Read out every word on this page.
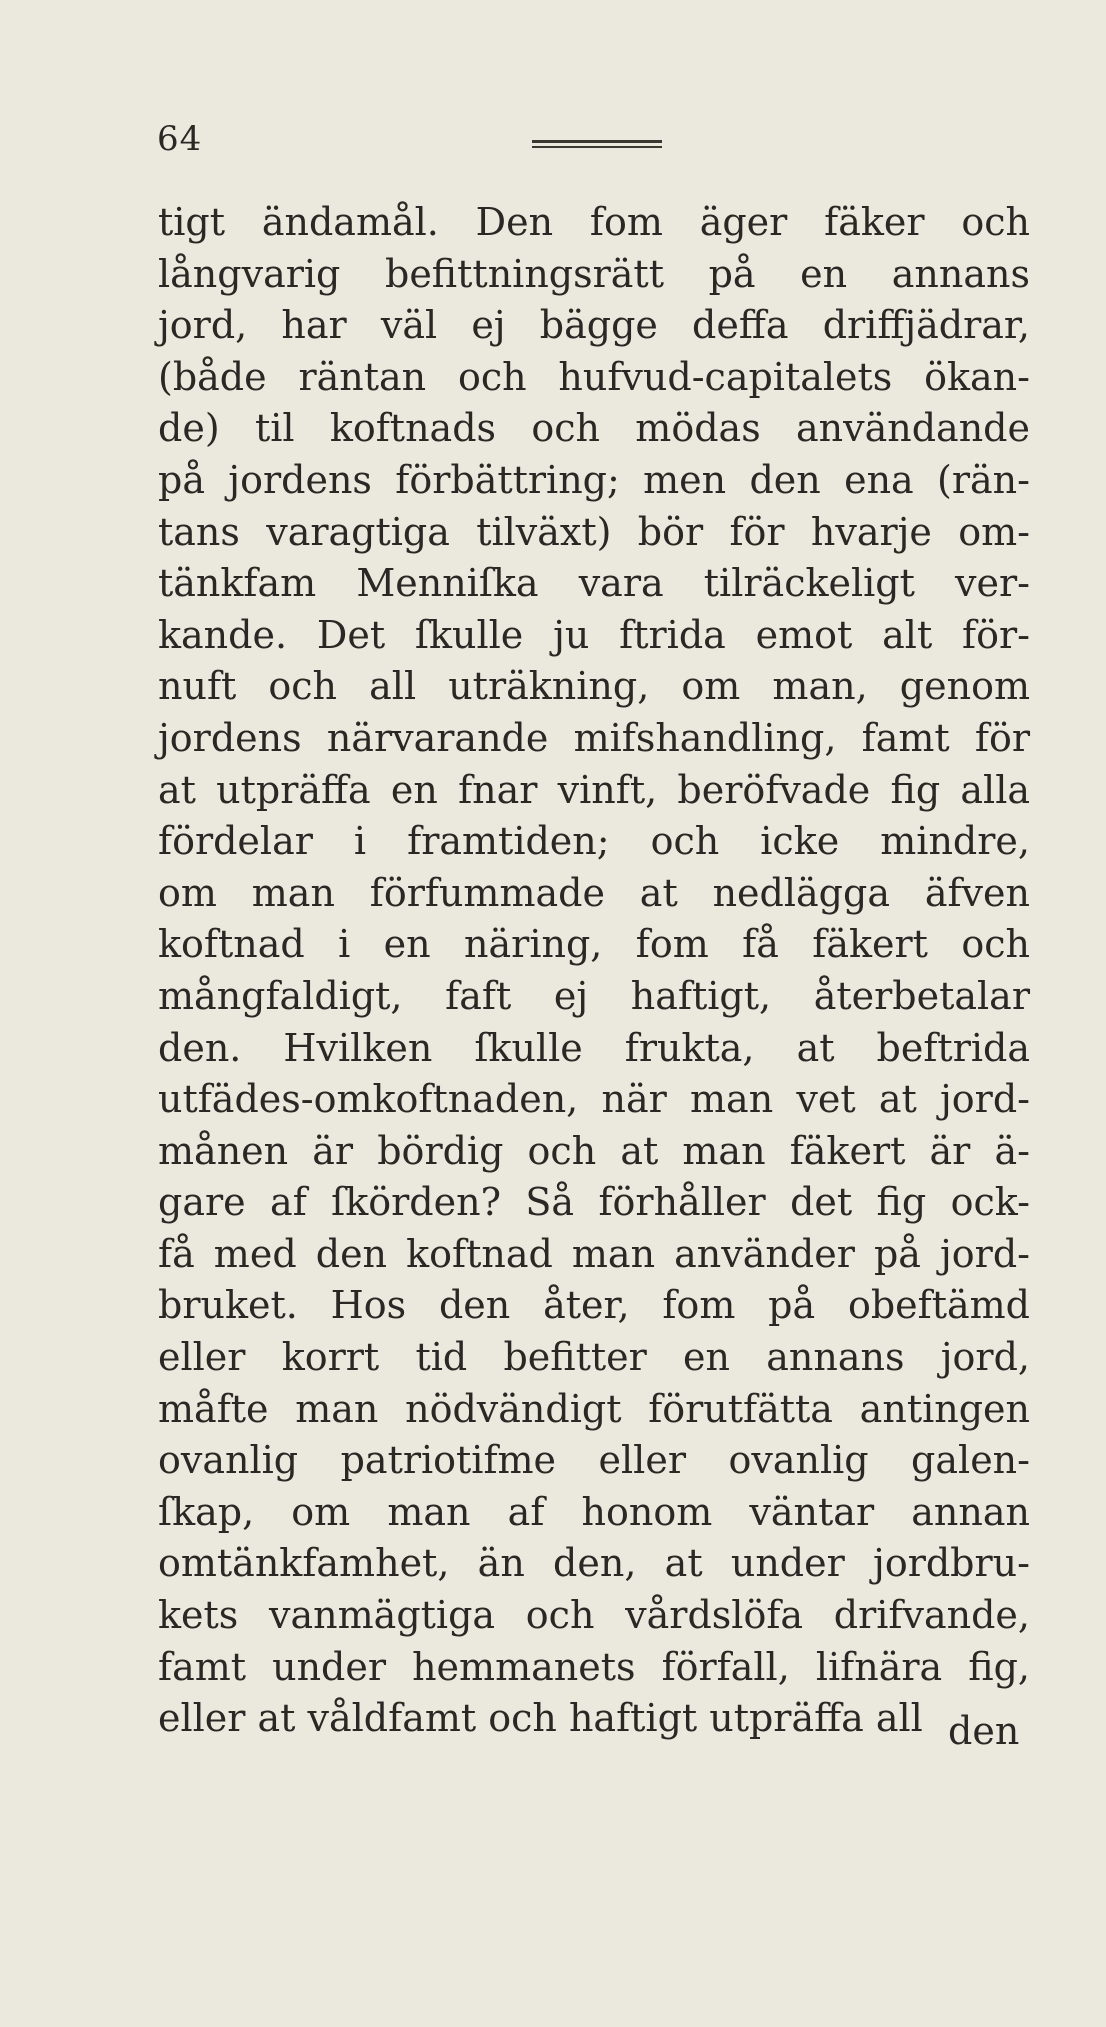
64
tigt ändamål. Den fom äger fäker och
långvarig befittningsrätt på en annans
jord, har väl ej bägge deffa driffjädrar,
(både räntan och hufvud-capitalets ökan-
de) til koftnads och mödas användande
på jordens förbättring; men den ena (rän-
tans varagtiga tilväxt) bör för hvarje om-
tänkfam Menniſka vara tilräckeligt ver-
kande. Det ſkulle ju ftrida emot alt för-
nuft och all uträkning, om man, genom
jordens närvarande mifshandling, famt för
at utpräffa en fnar vinft, beröfvade fig alla
fördelar i framtiden; och icke mindre,
om man förfummade at nedlägga äfven
koftnad i en näring, fom få fäkert och
mångfaldigt, faft ej haftigt, återbetalar
den. Hvilken ſkulle frukta, at beftrida
utfädes-omkoftnaden, när man vet at jord-
månen är bördig och at man fäkert är ä-
gare af ſkörden? Så förhåller det fig ock-
få med den koftnad man använder på jord-
bruket. Hos den åter, fom på obeftämd
eller korrt tid befitter en annans jord,
måfte man nödvändigt förutfätta antingen
ovanlig patriotifme eller ovanlig galen-
ſkap, om man af honom väntar annan
omtänkfamhet, än den, at under jordbru-
kets vanmägtiga och vårdslöfa drifvande,
famt under hemmanets förfall, lifnära fig,
eller at våldfamt och haftigt utpräffa all den
